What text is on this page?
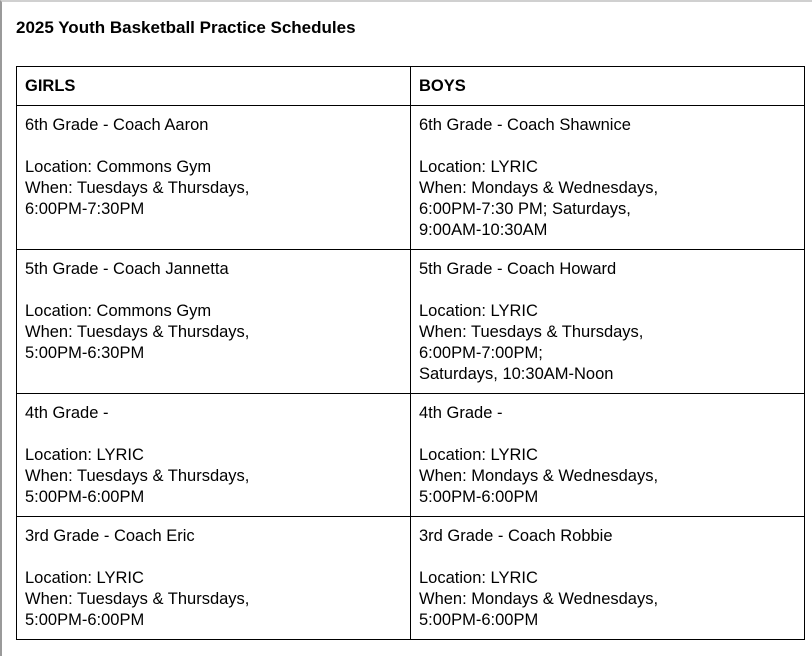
2025 Youth Basketball Practice Schedules
GIRLS	BOYS

6th Grade - Coach Aaron
Location: Commons Gym
When: Tuesdays & Thursdays,
6:00PM-7:30PM	6th Grade - Coach Shawnice
Location: LYRIC
When: Mondays & Wednesdays,
6:00PM-7:30 PM; Saturdays,
9:00AM-10:30AM

5th Grade - Coach Jannetta
Location: Commons Gym
When: Tuesdays & Thursdays,
5:00PM-6:30PM	5th Grade - Coach Howard
Location: LYRIC
When: Tuesdays & Thursdays,
6:00PM-7:00PM;
Saturdays, 10:30AM-Noon

4th Grade -
Location: LYRIC
When: Tuesdays & Thursdays,
5:00PM-6:00PM	4th Grade -
Location: LYRIC
When: Mondays & Wednesdays,
5:00PM-6:00PM

3rd Grade - Coach Eric
Location: LYRIC
When: Tuesdays & Thursdays,
5:00PM-6:00PM	3rd Grade - Coach Robbie
Location: LYRIC
When: Mondays & Wednesdays,
5:00PM-6:00PM
